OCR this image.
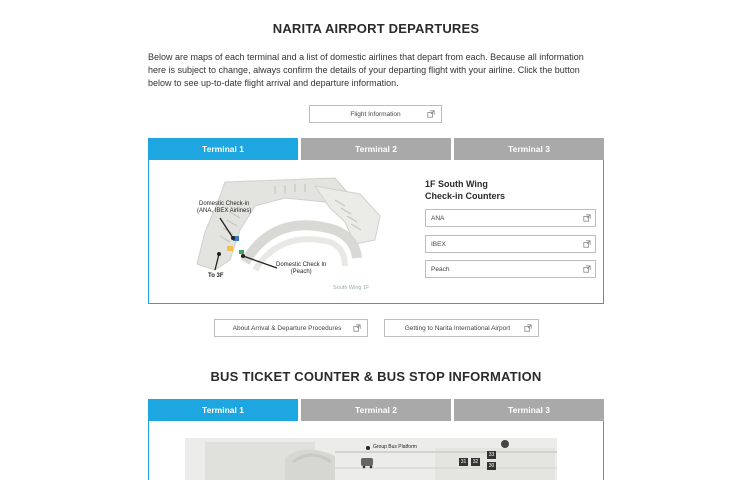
NARITA AIRPORT DEPARTURES

Below are maps of each terminal and a list of domestic airlines that depart from each. Because all information here is subject to change, always confirm the details of your departing flight with your airline. Click the button below to see up-to-date flight arrival and departure information.

Flight Information
Terminal 1	Terminal 2	Terminal 3
Domestic Check-in
(ANA, IBEX Airlines)
Domestic Check In
(Peach)
To 3F
South Wing 1F
1F South Wing
Check-in Counters
ANA
IBEX
Peach
About Arrival & Departure Procedures	Getting to Narita International Airport
BUS TICKET COUNTER & BUS STOP INFORMATION
Terminal 1	Terminal 2	Terminal 3
Group Bus Platform
31	32
33
30
